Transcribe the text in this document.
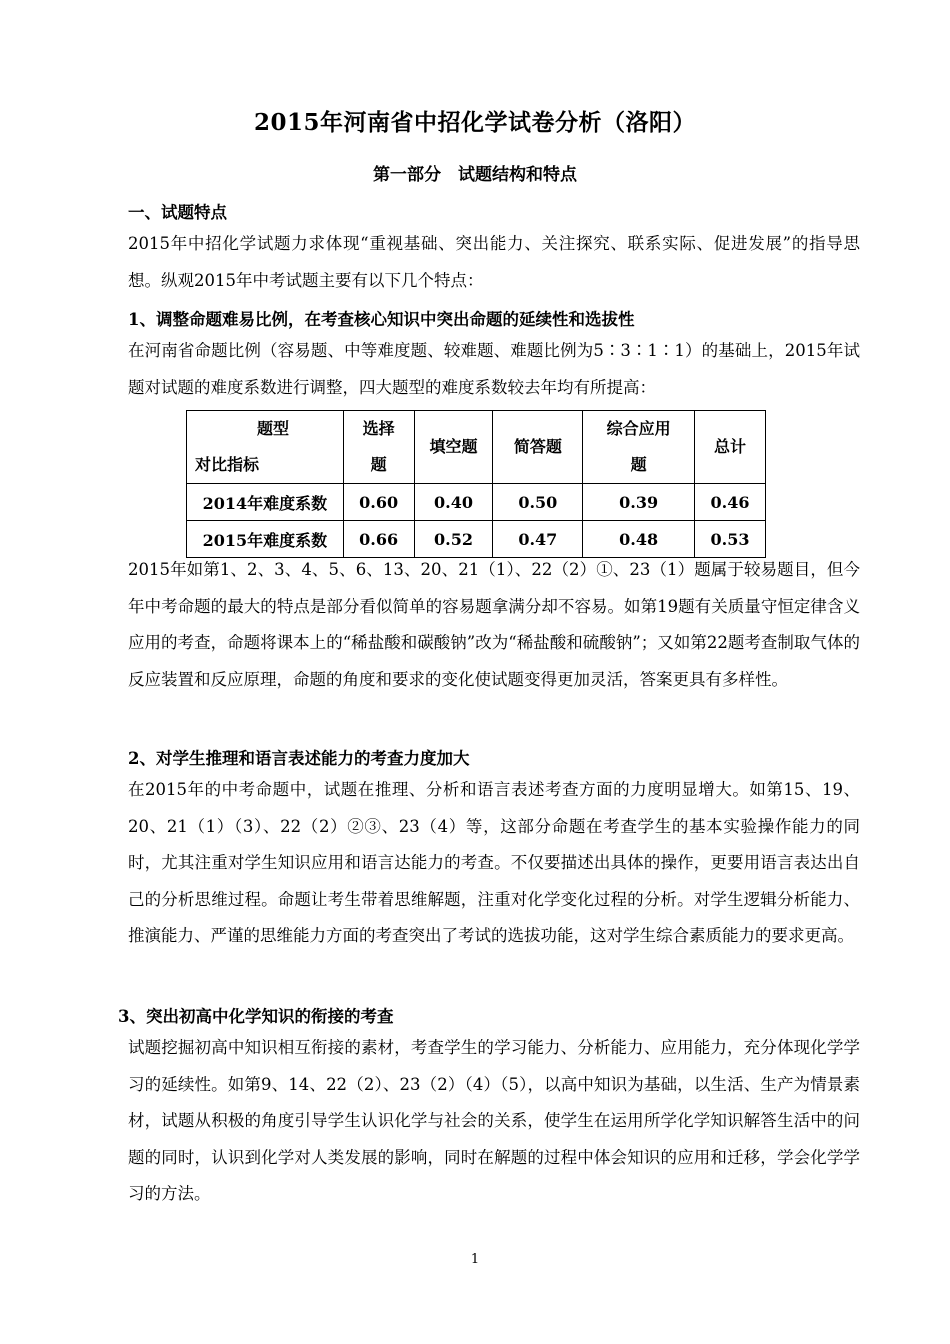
2015年河南省中招化学试卷分析（洛阳）
第一部分　试题结构和特点
一、试题特点
2015年中招化学试题力求体现“重视基础、突出能力、关注探究、联系实际、促进发展”的指导思想。纵观2015年中考试题主要有以下几个特点：
1、调整命题难易比例，在考查核心知识中突出命题的延续性和选拔性
在河南省命题比例（容易题、中等难度题、较难题、难题比例为5∶3∶1∶1）的基础上，2015年试题对试题的难度系数进行调整，四大题型的难度系数较去年均有所提高：
题型
对比指标	选择题	填空题	简答题	综合应用题	总计
2014年难度系数	0.60	0.40	0.50	0.39	0.46
2015年难度系数	0.66	0.52	0.47	0.48	0.53
2015年如第1、2、3、4、5、6、13、20、21（1）、22（2）①、23（1）题属于较易题目，但今年中考命题的最大的特点是部分看似简单的容易题拿满分却不容易。如第19题有关质量守恒定律含义应用的考查，命题将课本上的“稀盐酸和碳酸钠”改为“稀盐酸和硫酸钠”；又如第22题考查制取气体的反应装置和反应原理，命题的角度和要求的变化使试题变得更加灵活，答案更具有多样性。
2、对学生推理和语言表述能力的考查力度加大
在2015年的中考命题中，试题在推理、分析和语言表述考查方面的力度明显增大。如第15、19、20、21（1）（3）、22（2）②③、23（4）等，这部分命题在考查学生的基本实验操作能力的同时，尤其注重对学生知识应用和语言达能力的考查。不仅要描述出具体的操作，更要用语言表达出自己的分析思维过程。命题让考生带着思维解题，注重对化学变化过程的分析。对学生逻辑分析能力、推演能力、严谨的思维能力方面的考查突出了考试的选拔功能，这对学生综合素质能力的要求更高。
3、突出初高中化学知识的衔接的考查
试题挖掘初高中知识相互衔接的素材，考查学生的学习能力、分析能力、应用能力，充分体现化学学习的延续性。如第9、14、22（2）、23（2）（4）（5），以高中知识为基础，以生活、生产为情景素材，试题从积极的角度引导学生认识化学与社会的关系，使学生在运用所学化学知识解答生活中的问题的同时，认识到化学对人类发展的影响，同时在解题的过程中体会知识的应用和迁移，学会化学学习的方法。
1
